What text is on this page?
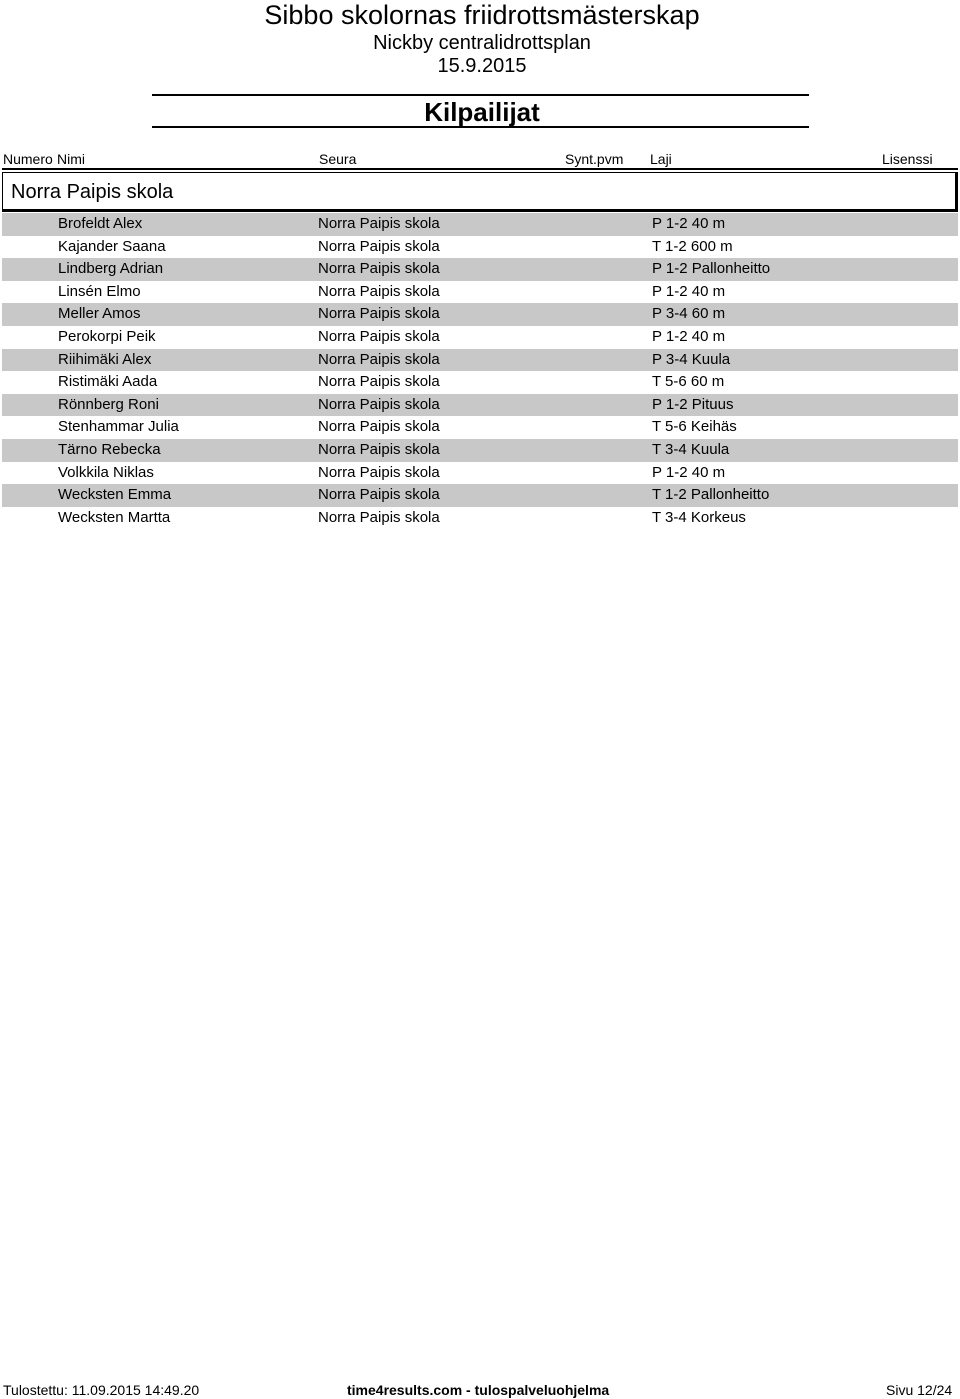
Sibbo skolornas friidrottsmästerskap
Nickby centralidrottsplan
15.9.2015
Kilpailijat
Numero Nimi	Seura	Synt.pvm Laji	Lisenssi
Norra Paipis skola
Brofeldt Alex	Norra Paipis skola	P 1-2 40 m
Kajander Saana	Norra Paipis skola	T 1-2 600 m
Lindberg Adrian	Norra Paipis skola	P 1-2 Pallonheitto
Linsén Elmo	Norra Paipis skola	P 1-2 40 m
Meller Amos	Norra Paipis skola	P 3-4 60 m
Perokorpi Peik	Norra Paipis skola	P 1-2 40 m
Riihimäki Alex	Norra Paipis skola	P 3-4 Kuula
Ristimäki Aada	Norra Paipis skola	T 5-6 60 m
Rönnberg Roni	Norra Paipis skola	P 1-2 Pituus
Stenhammar Julia	Norra Paipis skola	T 5-6 Keihäs
Tärno Rebecka	Norra Paipis skola	T 3-4 Kuula
Volkkila Niklas	Norra Paipis skola	P 1-2 40 m
Wecksten Emma	Norra Paipis skola	T 1-2 Pallonheitto
Wecksten Martta	Norra Paipis skola	T 3-4 Korkeus
Tulostettu: 11.09.2015 14:49.20	time4results.com - tulospalveluohjelma	Sivu 12/24
